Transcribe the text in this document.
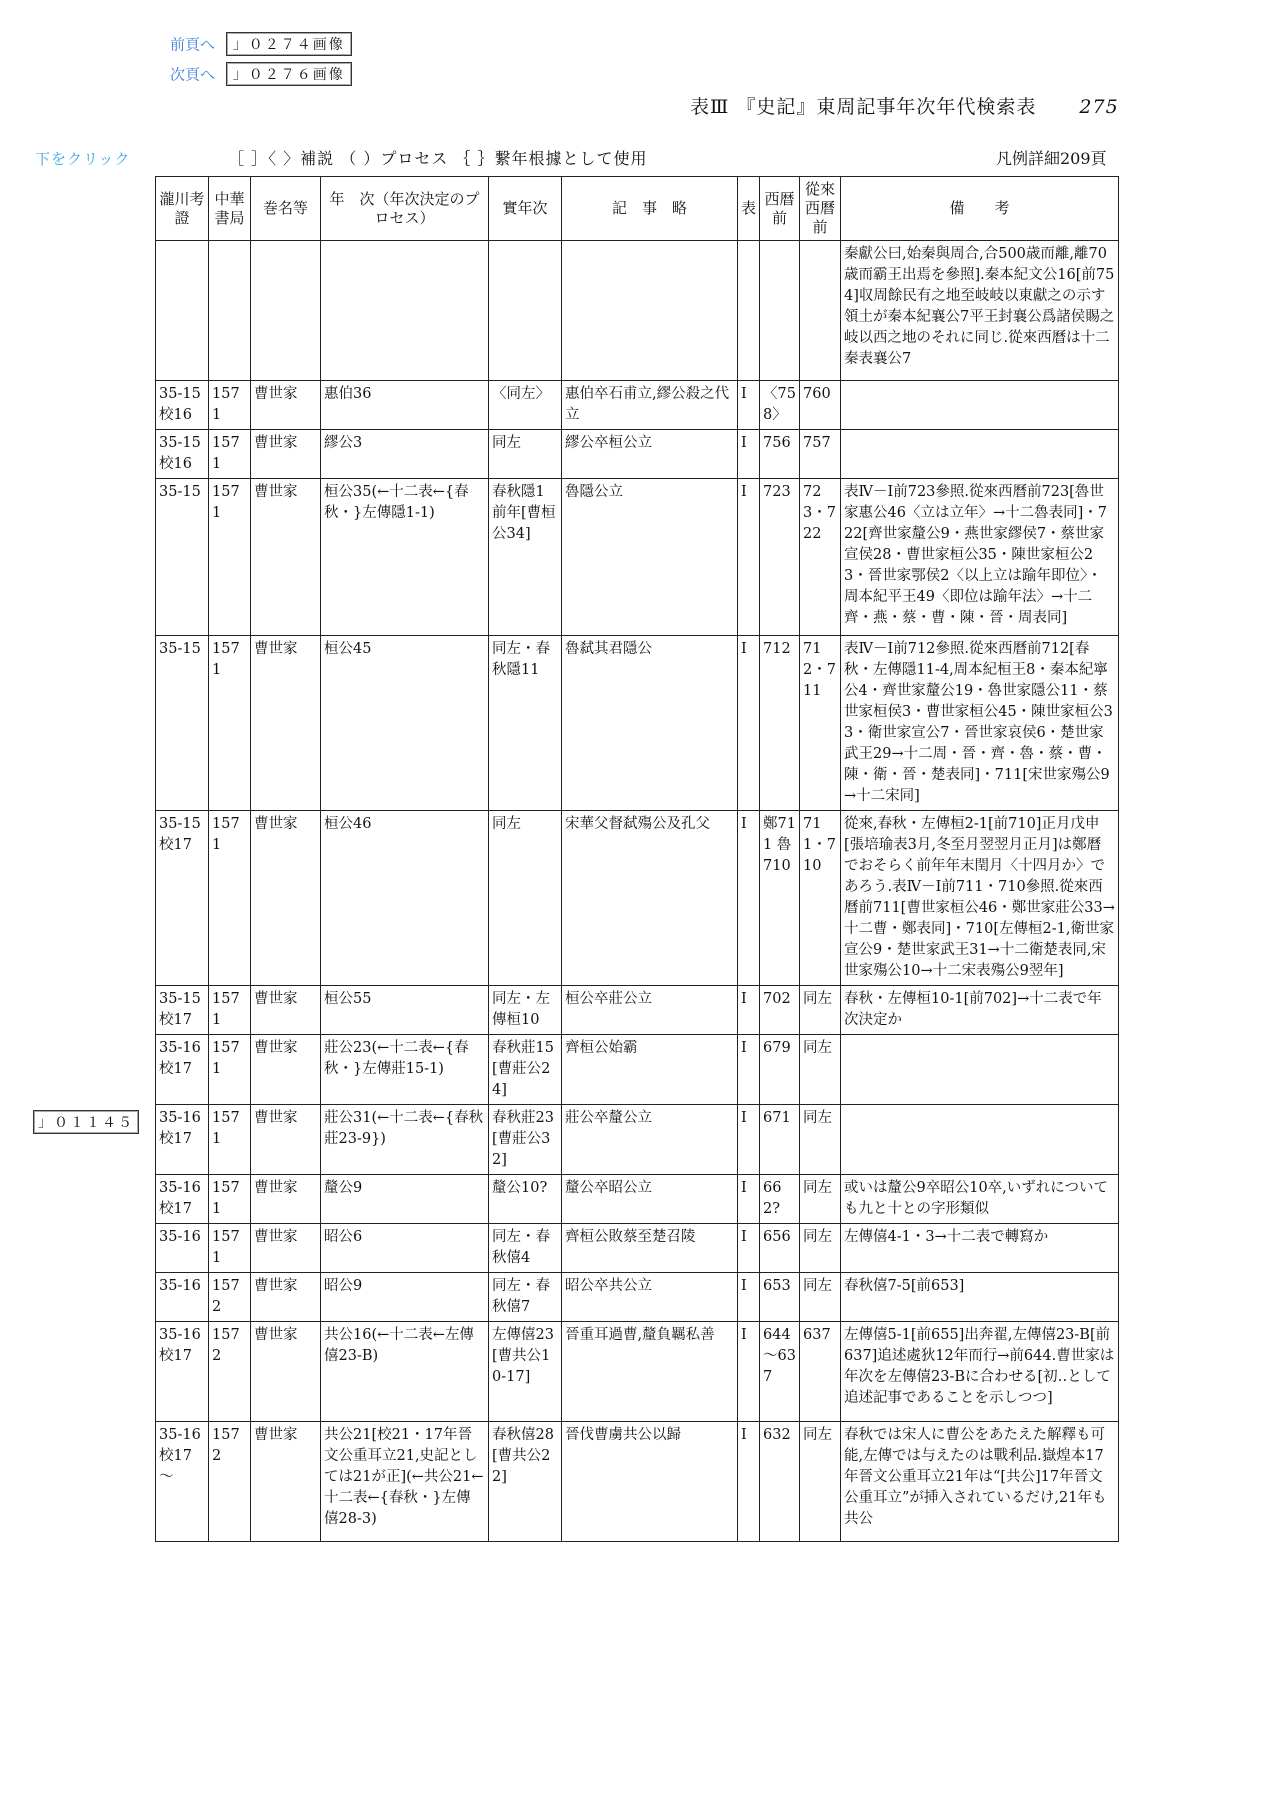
前頁へ 」０２７４画像
次頁へ 」０２７６画像
表Ⅲ 『史記』東周記事年次年代検索表 275
下をクリック	［ ］〈 〉補説 （ ）プロセス ｛ ｝繋年根據として使用	凡例詳細209頁
」０１１４５
瀧川考證	中華書局	巻名等	年　次（年次決定のプロセス）	實年次	記　事　略	表	西暦前	從來西曆前	備　　考
									秦獻公曰,始秦與周合,合500歳而離,離70歳而霸王出焉を參照].秦本紀文公16[前754]収周餘民有之地至岐岐以東獻之の示す領土が秦本紀襄公7平王封襄公爲諸侯賜之岐以西之地のそれに同じ.從來西曆は十二秦表襄公7
35-15 校16	1571	曹世家	惠伯36	〈同左〉	惠伯卒石甫立,繆公殺之代立	Ⅰ	〈758〉	760	
35-15 校16	1571	曹世家	繆公3	同左	繆公卒桓公立	Ⅰ	756	757	
35-15	1571	曹世家	桓公35(←十二表←{春秋・}左傳隱1-1)	春秋隱1前年[曹桓公34]	魯隱公立	Ⅰ	723	723・722	表Ⅳ－Ⅰ前723參照.從來西曆前723[魯世家惠公46〈立は立年〉→十二魯表同]・722[齊世家釐公9・燕世家繆侯7・蔡世家宣侯28・曹世家桓公35・陳世家桓公23・晉世家鄂侯2〈以上立は踰年即位〉・周本紀平王49〈即位は踰年法〉→十二齊・燕・蔡・曹・陳・晉・周表同]
35-15	1571	曹世家	桓公45	同左・春秋隱11	魯弑其君隱公	Ⅰ	712	712・711	表Ⅳ－Ⅰ前712參照.從來西曆前712[春秋・左傳隱11-4,周本紀桓王8・秦本紀寧公4・齊世家釐公19・魯世家隱公11・蔡世家桓侯3・曹世家桓公45・陳世家桓公33・衛世家宣公7・晉世家哀侯6・楚世家武王29→十二周・晉・齊・魯・蔡・曹・陳・衛・晉・楚表同]・711[宋世家殤公9→十二宋同]
35-15 校17	1571	曹世家	桓公46	同左	宋華父督弑殤公及孔父	Ⅰ	鄭711 魯710	711・710	從來,春秋・左傳桓2-1[前710]正月戊申[張培瑜表3月,冬至月翌翌月正月]は鄭曆でおそらく前年年末閏月〈十四月か〉であろう.表Ⅳ－Ⅰ前711・710參照.從來西曆前711[曹世家桓公46・鄭世家莊公33→十二曹・鄭表同]・710[左傳桓2-1,衛世家宣公9・楚世家武王31→十二衛楚表同,宋世家殤公10→十二宋表殤公9翌年]
35-15 校17	1571	曹世家	桓公55	同左・左傳桓10	桓公卒莊公立	Ⅰ	702	同左	春秋・左傳桓10-1[前702]→十二表で年次決定か
35-16 校17	1571	曹世家	莊公23(←十二表←{春秋・}左傳莊15-1)	春秋莊15[曹莊公24]	齊桓公始霸	Ⅰ	679	同左	
35-16 校17	1571	曹世家	莊公31(←十二表←{春秋莊23-9})	春秋莊23[曹莊公32]	莊公卒釐公立	Ⅰ	671	同左	
35-16 校17	1571	曹世家	釐公9	釐公10?	釐公卒昭公立	Ⅰ	662?	同左	或いは釐公9卒昭公10卒,いずれについても九と十との字形類似
35-16	1571	曹世家	昭公6	同左・春秋僖4	齊桓公敗蔡至楚召陵	Ⅰ	656	同左	左傳僖4-1・3→十二表で轉寫か
35-16	1572	曹世家	昭公9	同左・春秋僖7	昭公卒共公立	Ⅰ	653	同左	春秋僖7-5[前653]
35-16 校17	1572	曹世家	共公16(←十二表←左傳僖23-B)	左傳僖23[曹共公10-17]	晉重耳過曹,釐負羈私善	Ⅰ	644～637	637	左傳僖5-1[前655]出奔翟,左傳僖23-B[前637]追述處狄12年而行→前644.曹世家は年次を左傳僖23-Bに合わせる[初‥として追述記事であることを示しつつ]
35-16 校17～	1572	曹世家	共公21[校21・17年晉文公重耳立21,史記としては21が正](←共公21←十二表←{春秋・}左傳僖28-3)	春秋僖28[曹共公22]	晉伐曹虜共公以歸	Ⅰ	632	同左	春秋では宋人に曹公をあたえた解釋も可能,左傳では与えたのは戰利品.嶽煌本17年晉文公重耳立21年は“[共公]17年晉文公重耳立”が挿入されているだけ,21年も共公
